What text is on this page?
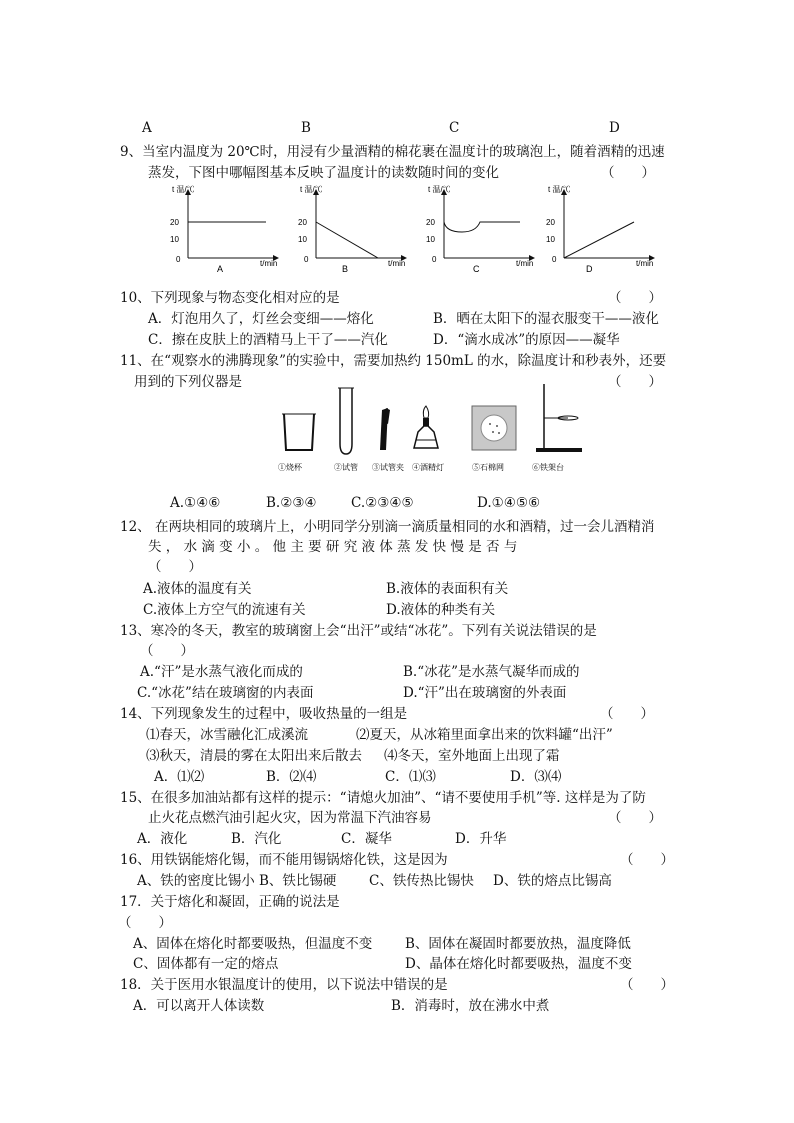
A	B	C	D
9、当室内温度为 20℃时，用浸有少量酒精的棉花裹在温度计的玻璃泡上，随着酒精的迅速
蒸发，下图中哪幅图基本反映了温度计的读数随时间的变化	（　　）
t 温/℃
20
10
0	t/min
A
t 温/℃
20
10
0	t/min
B
t 温/℃
20
10
0	t/min
C
t 温/℃
20
10
0	t/min
D
10、下列现象与物态变化相对应的是	（　　）
A．灯泡用久了，灯丝会变细——熔化	B．晒在太阳下的湿衣服变干——液化
C．擦在皮肤上的酒精马上干了——汽化	D．“滴水成冰”的原因——凝华
11、在“观察水的沸腾现象”的实验中，需要加热约 150mL 的水，除温度计和秒表外，还要
用到的下列仪器是	（　　）
①烧杯	②试管 ③试管夹 ④酒精灯	⑤石棉网	⑥铁架台
A.①④⑥	B.②③④	C.②③④⑤	D.①④⑤⑥
12、 在两块相同的玻璃片上，小明同学分别滴一滴质量相同的水和酒精，过一会儿酒精消
失 ， 水 滴 变 小 。 他 主 要 研 究 液 体 蒸 发 快 慢 是 否 与
（　　）
A.液体的温度有关	B.液体的表面积有关
C.液体上方空气的流速有关	D.液体的种类有关
13、寒冷的冬天，教室的玻璃窗上会“出汗”或结“冰花”。下列有关说法错误的是
（　　）
A.“汗”是水蒸气液化而成的	B.“冰花”是水蒸气凝华而成的
C.“冰花”结在玻璃窗的内表面	D.“汗”出在玻璃窗的外表面
14、下列现象发生的过程中，吸收热量的一组是	（　　）
⑴春天，冰雪融化汇成溪流	⑵夏天，从冰箱里面拿出来的饮料罐“出汗”
⑶秋天，清晨的雾在太阳出来后散去 ⑷冬天，室外地面上出现了霜
A．⑴⑵	B．⑵⑷	C．⑴⑶	D．⑶⑷
15、在很多加油站都有这样的提示：“请熄火加油”、“请不要使用手机”等. 这样是为了防
止火花点燃汽油引起火灾，因为常温下汽油容易	（　　）
A．液化	B．汽化	C．凝华	D．升华
16、用铁锅能熔化锡，而不能用锡锅熔化铁，这是因为	（　　）
A、铁的密度比锡小 B、铁比锡硬 C、铁传热比锡快 D、铁的熔点比锡高
17．关于熔化和凝固，正确的说法是
（　　）
A、固体在熔化时都要吸热，但温度不变 B、固体在凝固时都要放热，温度降低
C、固体都有一定的熔点	D、晶体在熔化时都要吸热，温度不变
18．关于医用水银温度计的使用，以下说法中错误的是	（　　）
A．可以离开人体读数	B．消毒时，放在沸水中煮
